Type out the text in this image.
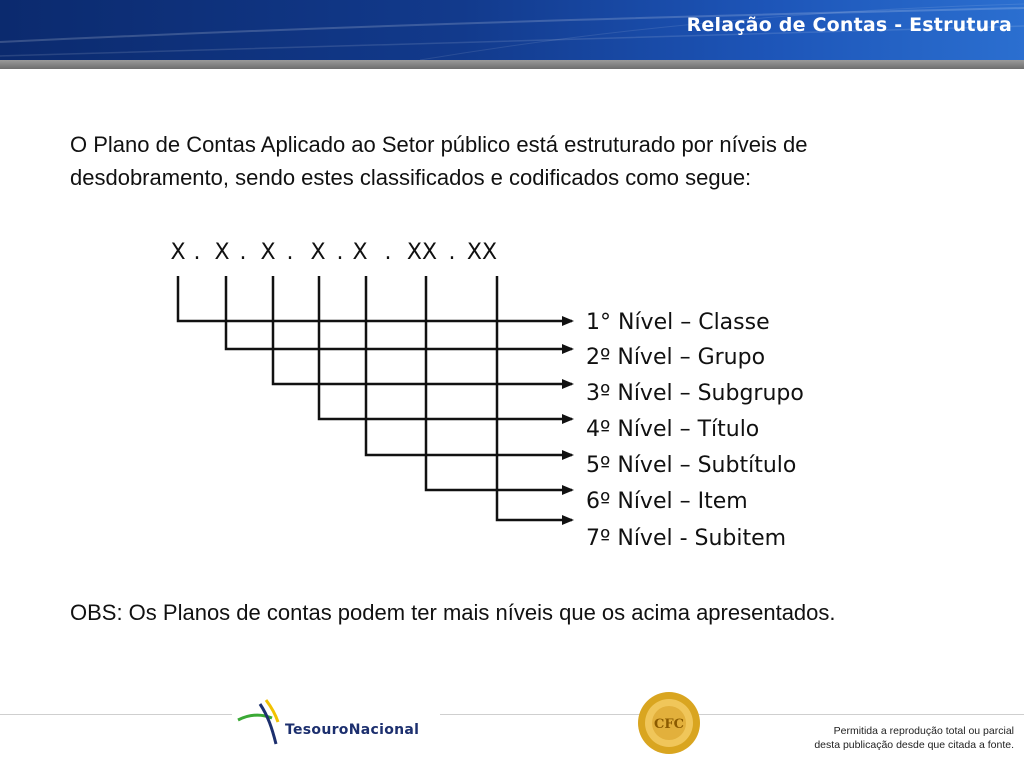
Relação de Contas - Estrutura
O Plano de Contas Aplicado ao Setor público está estruturado por níveis de desdobramento, sendo estes classificados e codificados como segue:
X . X . X . X . X . XX . XX
1° Nível – Classe
2º Nível – Grupo
3º Nível – Subgrupo
4º Nível – Título
5º Nível – Subtítulo
6º Nível – Item
7º Nível - Subitem
OBS: Os Planos de contas podem ter mais níveis que os acima apresentados.
TesouroNacional	CFC	Permitida a reprodução total ou parcial
desta publicação desde que citada a fonte.
